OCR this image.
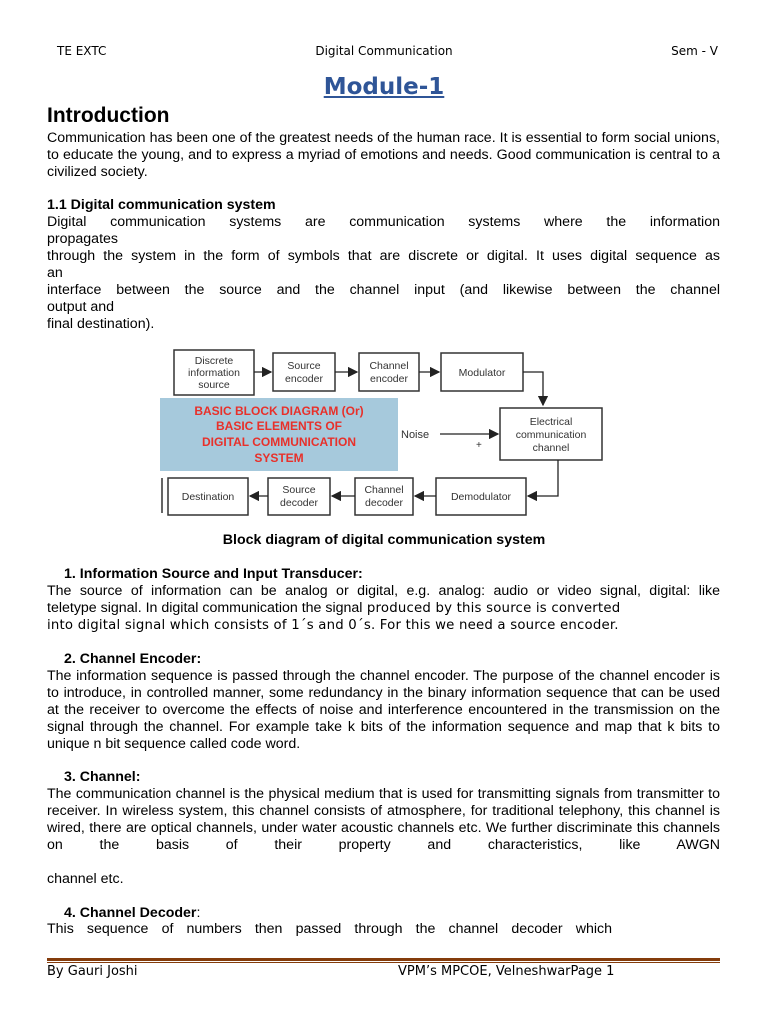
TE EXTC	Digital Communication	Sem - V
Module-1
Introduction

Communication has been one of the greatest needs of the human race. It is essential to form social unions, to educate the young, and to express a myriad of emotions and needs. Good communication is central to a civilized society.

1.1 Digital communication system
Digital communication systems are communication systems where the information
propagates
through the system in the form of symbols that are discrete or digital. It uses digital sequence as
an
interface between the source and the channel input (and likewise between the channel
output and
final destination).
Discrete
information
source
Source
encoder
Channel
encoder	Modulator
Electrical
communication
channel
Noise
+
BASIC BLOCK DIAGRAM (Or)
BASIC ELEMENTS OF
DIGITAL COMMUNICATION
SYSTEM
Destination
Source
decoder
Channel
decoder	Demodulator
Block diagram of digital communication system
1. Information Source and Input Transducer:
The source of information can be analog or digital, e.g. analog: audio or video signal, digital: like
teletype signal. In digital communication the signal produced by this source is converted
into digital signal which consists of 1´s and 0´s. For this we need a source encoder.
2. Channel Encoder:

The information sequence is passed through the channel encoder. The purpose of the channel encoder is to introduce, in controlled manner, some redundancy in the binary information sequence that can be used at the receiver to overcome the effects of noise and interference encountered in the transmission on the signal through the channel. For example take k bits of the information sequence and map that k bits to unique n bit sequence called code word.

3. Channel:

The communication channel is the physical medium that is used for transmitting signals from transmitter to receiver. In wireless system, this channel consists of atmosphere, for traditional telephony, this channel is wired, there are optical channels, under water acoustic channels etc. We further discriminate this channels on the basis of their property and characteristics, like AWGN

channel etc.
4. Channel Decoder:
This sequence of numbers then passed through the channel decoder which
By Gauri Joshi	VPM’s MPCOE, VelneshwarPage 1
